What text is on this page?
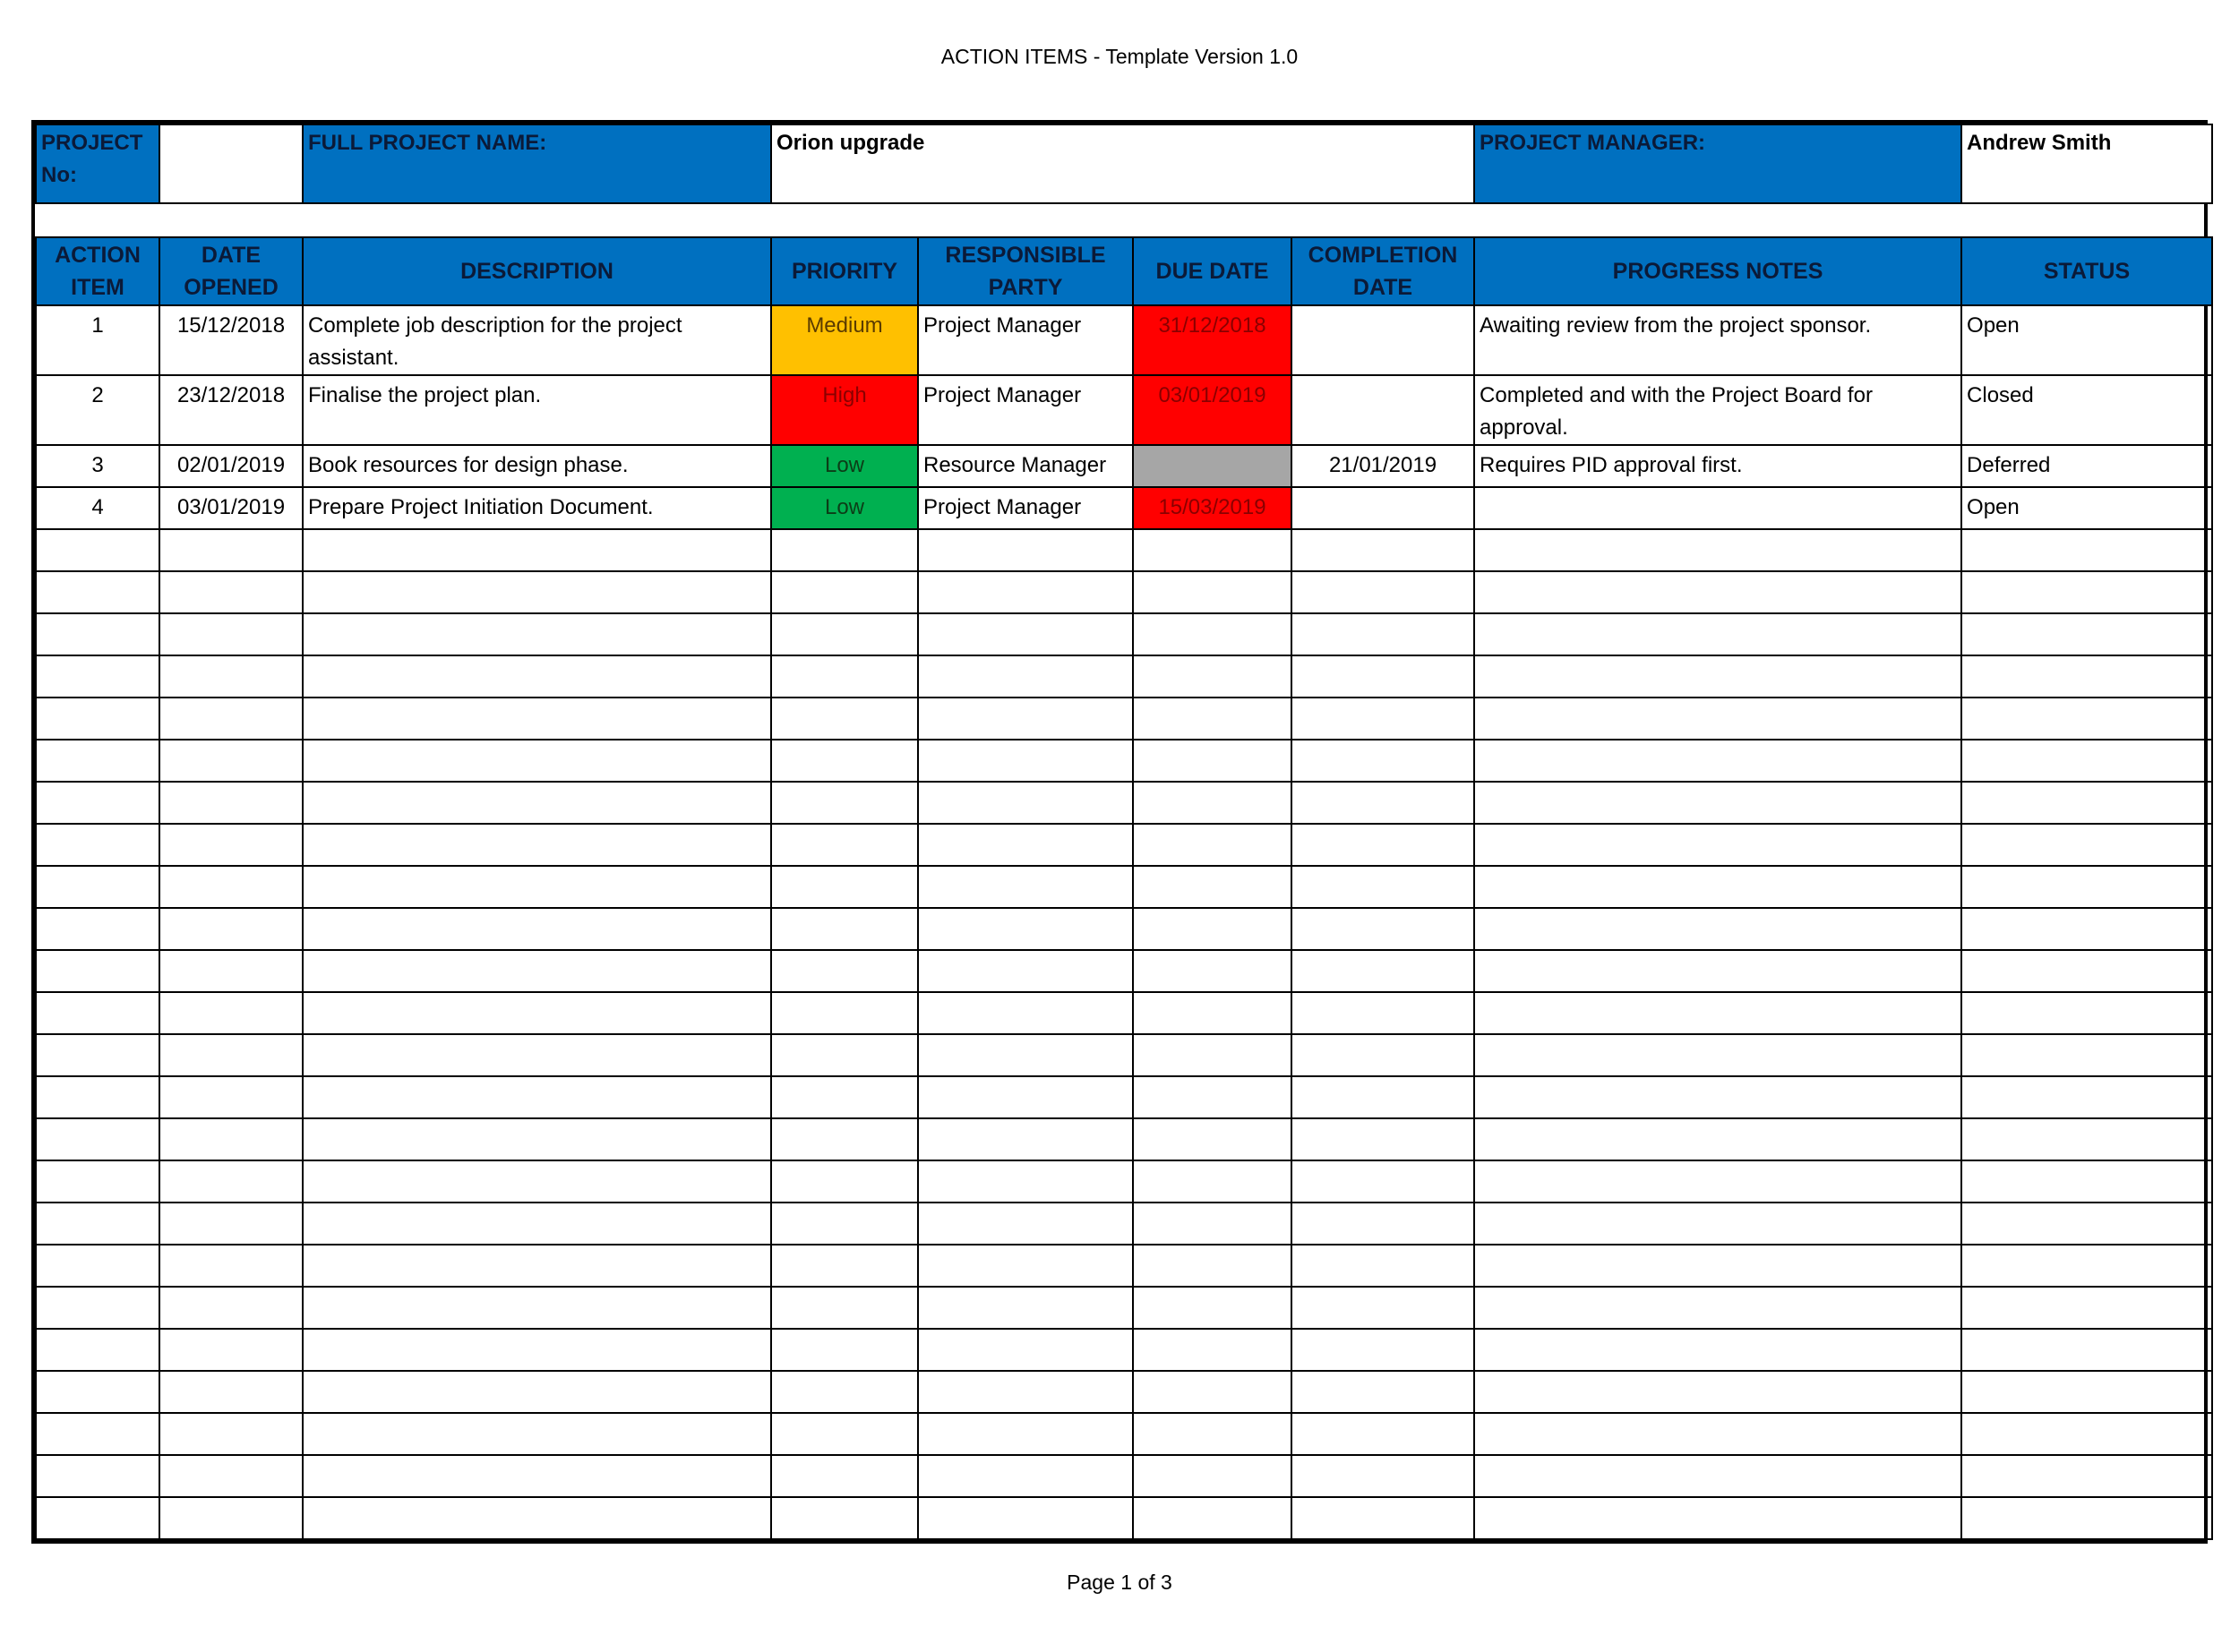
ACTION ITEMS - Template Version 1.0
PROJECT No:		FULL PROJECT NAME:	Orion upgrade				PROJECT MANAGER:	Andrew Smith

ACTION ITEM	DATE OPENED	DESCRIPTION	PRIORITY	RESPONSIBLE PARTY	DUE DATE	COMPLETION DATE	PROGRESS NOTES	STATUS
1	15/12/2018	Complete job description for the project assistant.	Medium	Project Manager	31/12/2018		Awaiting review from the project sponsor.	Open
2	23/12/2018	Finalise the project plan.	High	Project Manager	03/01/2019		Completed and with the Project Board for approval.	Closed
3	02/01/2019	Book resources for design phase.	Low	Resource Manager		21/01/2019	Requires PID approval first.	Deferred
4	03/01/2019	Prepare Project Initiation Document.	Low	Project Manager	15/03/2019			Open

Page 1 of 3
